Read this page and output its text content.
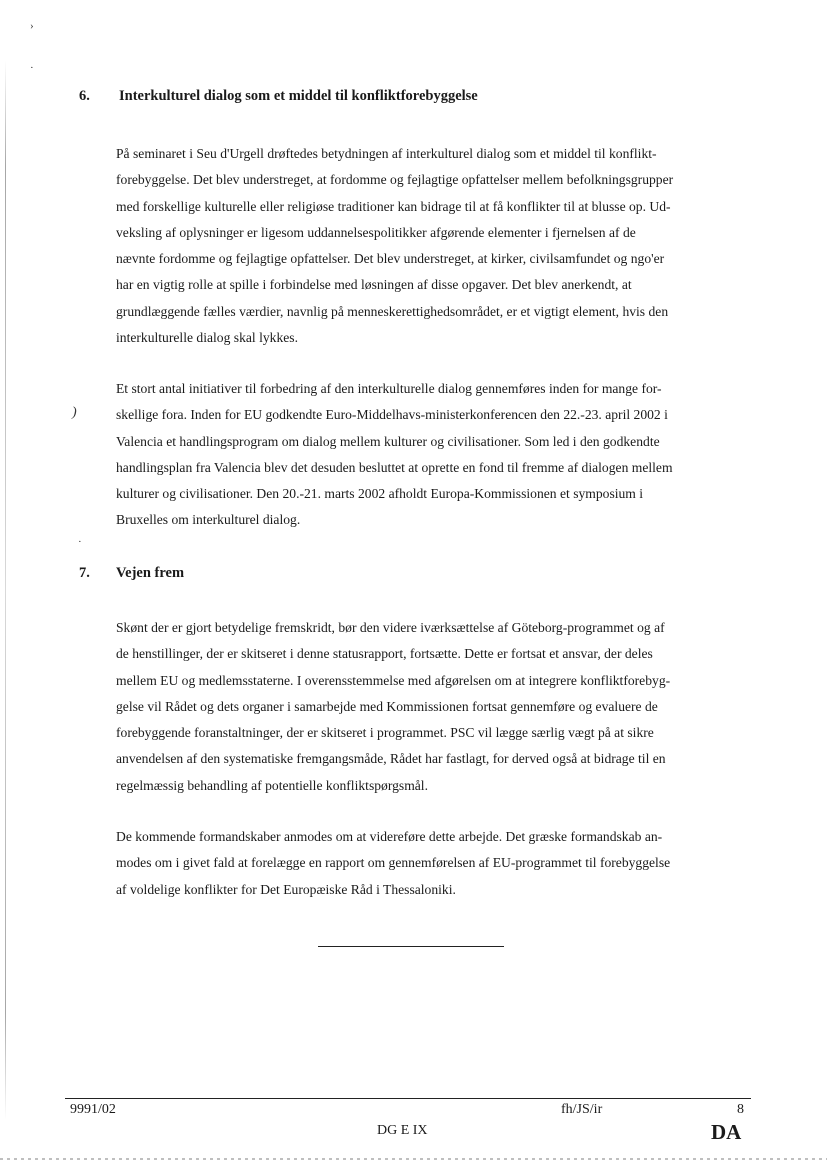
›
·
)
·
6. Interkulturel dialog som et middel til konfliktforebyggelse
På seminaret i Seu d'Urgell drøftedes betydningen af interkulturel dialog som et middel til konflikt-
forebyggelse. Det blev understreget, at fordomme og fejlagtige opfattelser mellem befolkningsgrupper
med forskellige kulturelle eller religiøse traditioner kan bidrage til at få konflikter til at blusse op. Ud-
veksling af oplysninger er ligesom uddannelsespolitikker afgørende elementer i fjernelsen af de
nævnte fordomme og fejlagtige opfattelser. Det blev understreget, at kirker, civilsamfundet og ngo'er
har en vigtig rolle at spille i forbindelse med løsningen af disse opgaver. Det blev anerkendt, at
grundlæggende fælles værdier, navnlig på menneskerettighedsområdet, er et vigtigt element, hvis den
interkulturelle dialog skal lykkes.
Et stort antal initiativer til forbedring af den interkulturelle dialog gennemføres inden for mange for-
skellige fora. Inden for EU godkendte Euro-Middelhavs-ministerkonferencen den 22.-23. april 2002 i
Valencia et handlingsprogram om dialog mellem kulturer og civilisationer. Som led i den godkendte
handlingsplan fra Valencia blev det desuden besluttet at oprette en fond til fremme af dialogen mellem
kulturer og civilisationer. Den 20.-21. marts 2002 afholdt Europa-Kommissionen et symposium i
Bruxelles om interkulturel dialog.
7. Vejen frem
Skønt der er gjort betydelige fremskridt, bør den videre iværksættelse af Göteborg-programmet og af
de henstillinger, der er skitseret i denne statusrapport, fortsætte. Dette er fortsat et ansvar, der deles
mellem EU og medlemsstaterne. I overensstemmelse med afgørelsen om at integrere konfliktforebyg-
gelse vil Rådet og dets organer i samarbejde med Kommissionen fortsat gennemføre og evaluere de
forebyggende foranstaltninger, der er skitseret i programmet. PSC vil lægge særlig vægt på at sikre
anvendelsen af den systematiske fremgangsmåde, Rådet har fastlagt, for derved også at bidrage til en
regelmæssig behandling af potentielle konfliktspørgsmål.
De kommende formandskaber anmodes om at videreføre dette arbejde. Det græske formandskab an-
modes om i givet fald at forelægge en rapport om gennemførelsen af EU-programmet til forebyggelse
af voldelige konflikter for Det Europæiske Råd i Thessaloniki.
9991/02	fh/JS/ir	8
DG E IX	DA
